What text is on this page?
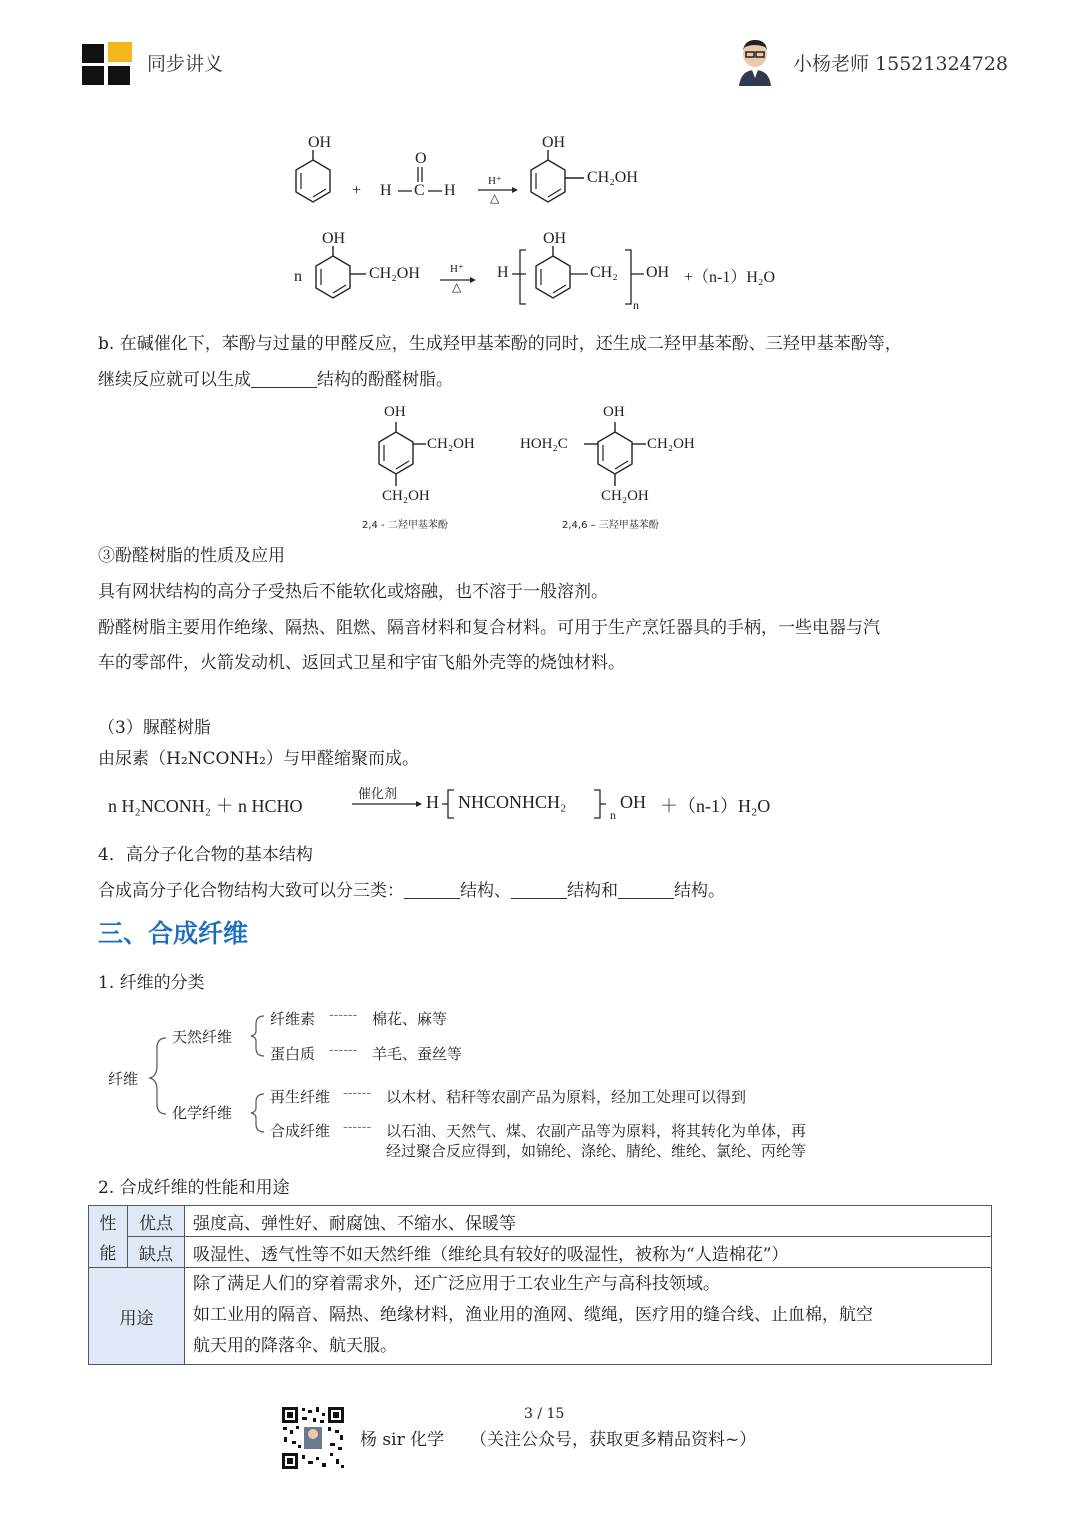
同步讲义	小杨老师 15521324728
OH
+
O
H C H
H⁺
△
OH
CH₂OH
n
OH
CH₂OH	H⁺
△
H
OH
CH₂
n
OH +（n-1）H₂O
b. 在碱催化下，苯酚与过量的甲醛反应，生成羟甲基苯酚的同时，还生成二羟甲基苯酚、三羟甲基苯酚等，
继续反应就可以生成	结构的酚醛树脂。
OH
CH₂OH
CH₂OH
2,4 - 二羟甲基苯酚
OH
HOH₂C	CH₂OH
CH₂OH
2,4,6 – 三羟甲基苯酚
③酚醛树脂的性质及应用
具有网状结构的高分子受热后不能软化或熔融，也不溶于一般溶剂。
酚醛树脂主要用作绝缘、隔热、阻燃、隔音材料和复合材料。可用于生产烹饪器具的手柄，一些电器与汽
车的零部件，火箭发动机、返回式卫星和宇宙飞船外壳等的烧蚀材料。
（3）脲醛树脂
由尿素（H₂NCONH₂）与甲醛缩聚而成。
n H₂NCONH₂ ＋ n HCHO
催化剂 H NHCONHCH₂
n
OH ＋（n-1）H₂O
4．高分子化合物的基本结构
合成高分子化合物结构大致可以分三类：	结构、	结构和	结构。
三、合成纤维
1. 纤维的分类
纤维
天然纤维
化学纤维
纤维素 ------ 棉花、麻等
蛋白质 ------ 羊毛、蚕丝等
再生纤维 ------ 以木材、秸秆等农副产品为原料，经加工处理可以得到
合成纤维 ------ 以石油、天然气、煤、农副产品等为原料，将其转化为单体，再
经过聚合反应得到，如锦纶、涤纶、腈纶、维纶、氯纶、丙纶等
2. 合成纤维的性能和用途
性	优点	强度高、弹性好、耐腐蚀、不缩水、保暖等
能	缺点	吸湿性、透气性等不如天然纤维（维纶具有较好的吸湿性，被称为“人造棉花”）
用途		除了满足人们的穿着需求外，还广泛应用于工农业生产与高科技领域。
如工业用的隔音、隔热、绝缘材料，渔业用的渔网、缆绳，医疗用的缝合线、止血棉，航空
航天用的降落伞、航天服。
3 / 15
杨 sir 化学 （关注公众号，获取更多精品资料~）
